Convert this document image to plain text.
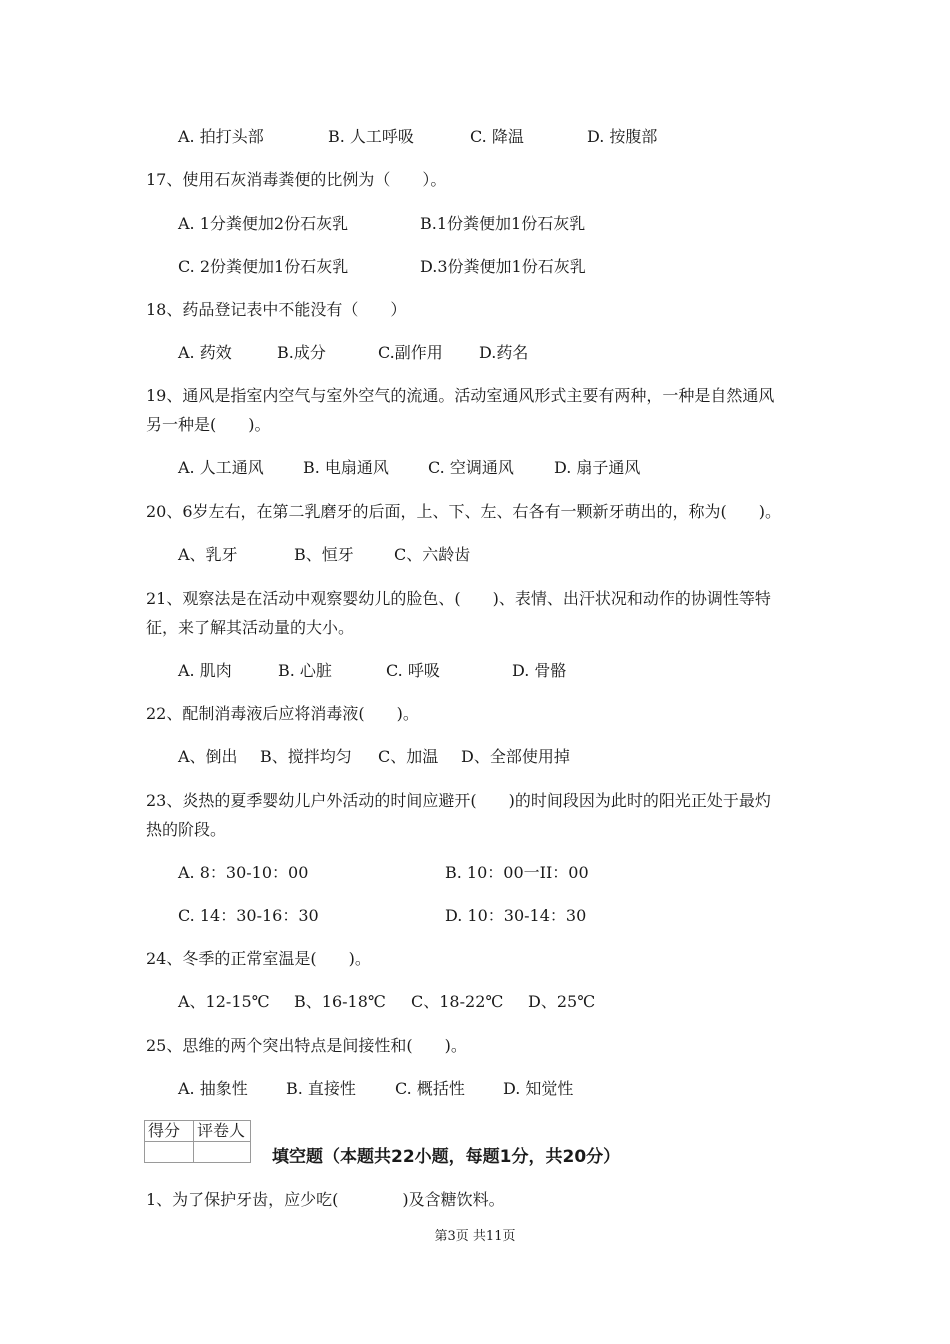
A. 拍打头部	B. 人工呼吸	C. 降温	D. 按腹部
17、使用石灰消毒粪便的比例为（　　）。
A. 1分粪便加2份石灰乳	B.1份粪便加1份石灰乳
C. 2份粪便加1份石灰乳	D.3份粪便加1份石灰乳
18、药品登记表中不能没有（　　）
A. 药效	B.成分	C.副作用 D.药名
19、通风是指室内空气与室外空气的流通。活动室通风形式主要有两种，一种是自然通风
另一种是(　　)。
A. 人工通风 B. 电扇通风 C. 空调通风	D. 扇子通风
20、6岁左右，在第二乳磨牙的后面，上、下、左、右各有一颗新牙萌出的，称为(　　)。
A、乳牙	B、恒牙	C、六龄齿
21、观察法是在活动中观察婴幼儿的脸色、(　　)、表情、出汗状况和动作的协调性等特
征，来了解其活动量的大小。
A. 肌肉	B. 心脏	C. 呼吸	D. 骨骼
22、配制消毒液后应将消毒液(　　)。
A、倒出 B、搅拌均匀 C、加温 D、全部使用掉
23、炎热的夏季婴幼儿户外活动的时间应避开(　　)的时间段因为此时的阳光正处于最灼
热的阶段。
A. 8：30-10：00	B. 10：00一II：00
C. 14：30-16：30	D. 10：30-14：30
24、冬季的正常室温是(　　)。
A、12-15℃ B、16-18℃ C、18-22℃ D、25℃
25、思维的两个突出特点是间接性和(　　)。
A. 抽象性 B. 直接性 C. 概括性 D. 知觉性
得分	评卷人

填空题（本题共22小题，每题1分，共20分）
1、为了保护牙齿，应少吃(　　　　)及含糖饮料。
第3页 共11页
